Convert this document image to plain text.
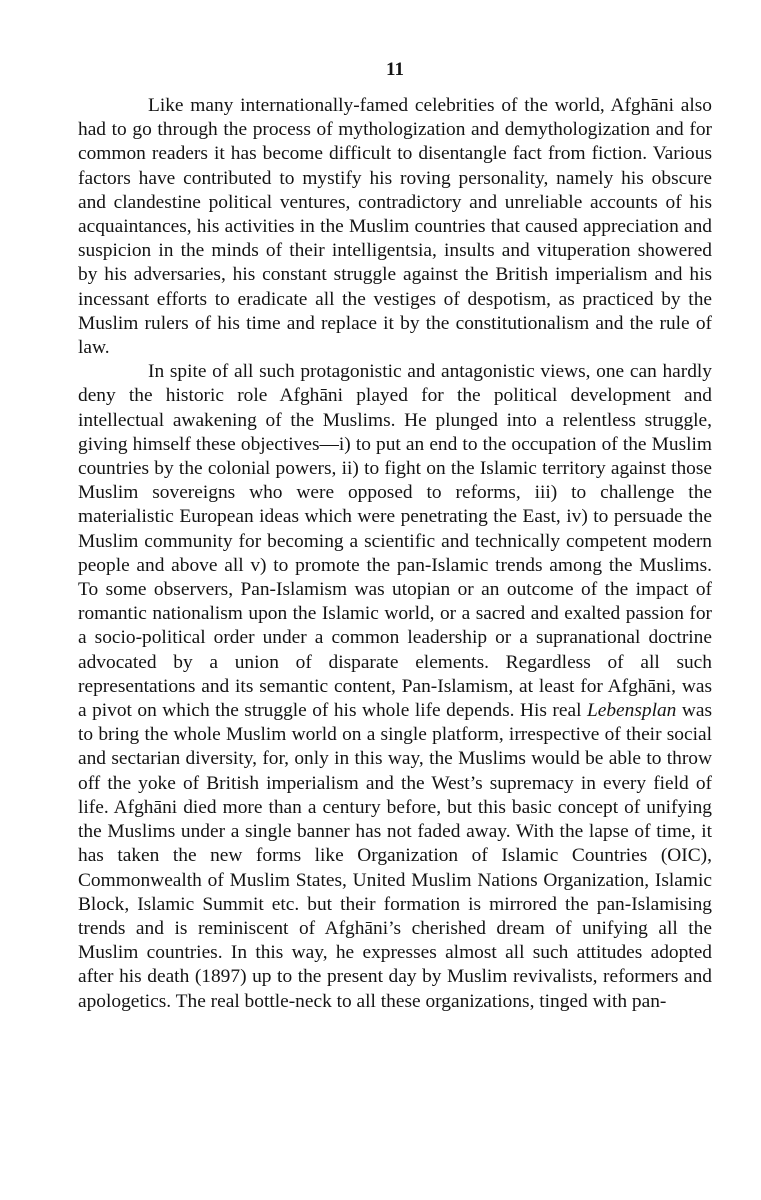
11

Like many internationally-famed celebrities of the world, Afghāni also had to go through the process of mythologization and demythologization and for common readers it has become difficult to disentangle fact from fiction. Various factors have contributed to mystify his roving personality, namely his obscure and clandestine political ventures, contradictory and unreliable accounts of his acquaintances, his activities in the Muslim countries that caused appreciation and suspicion in the minds of their intelligentsia, insults and vituperation showered by his adversaries, his constant struggle against the British imperialism and his incessant efforts to eradicate all the vestiges of despotism, as practiced by the Muslim rulers of his time and replace it by the constitutionalism and the rule of law.

In spite of all such protagonistic and antagonistic views, one can hardly deny the historic role Afghāni played for the political development and intellectual awakening of the Muslims. He plunged into a relentless struggle, giving himself these objectives—i) to put an end to the occupation of the Muslim countries by the colonial powers, ii) to fight on the Islamic territory against those Muslim sovereigns who were opposed to reforms, iii) to challenge the materialistic European ideas which were penetrating the East, iv) to persuade the Muslim community for becoming a scientific and technically competent modern people and above all v) to promote the pan-Islamic trends among the Muslims. To some observers, Pan-Islamism was utopian or an outcome of the impact of romantic nationalism upon the Islamic world, or a sacred and exalted passion for a socio-political order under a common leadership or a supranational doctrine advocated by a union of disparate elements. Regardless of all such representations and its semantic content, Pan-Islamism, at least for Afghāni, was a pivot on which the struggle of his whole life depends. His real Lebensplan was to bring the whole Muslim world on a single platform, irrespective of their social and sectarian diversity, for, only in this way, the Muslims would be able to throw off the yoke of British imperialism and the West’s supremacy in every field of life. Afghāni died more than a century before, but this basic concept of unifying the Muslims under a single banner has not faded away. With the lapse of time, it has taken the new forms like Organization of Islamic Countries (OIC), Commonwealth of Muslim States, United Muslim Nations Organization, Islamic Block, Islamic Summit etc. but their formation is mirrored the pan-Islamising trends and is reminiscent of Afghāni’s cherished dream of unifying all the Muslim countries. In this way, he expresses almost all such attitudes adopted after his death (1897) up to the present day by Muslim revivalists, reformers and apologetics. The real bottle-neck to all these organizations, tinged with pan-
